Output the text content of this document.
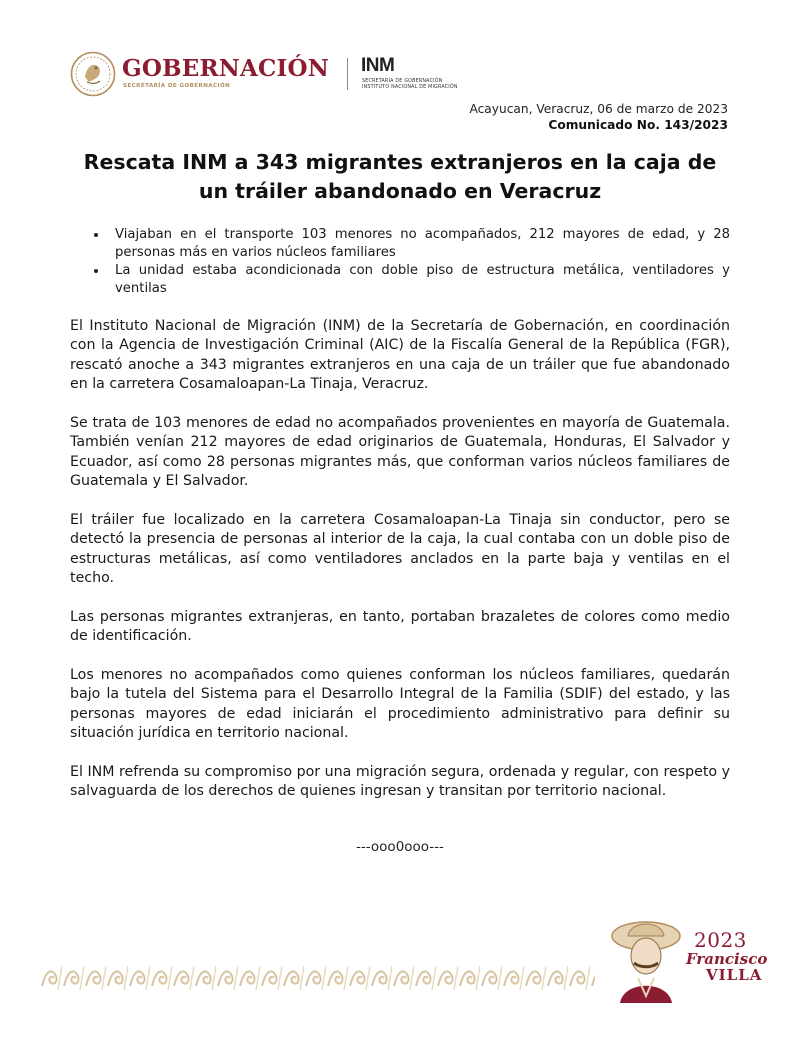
GOBERNACIÓN
SECRETARÍA DE GOBERNACIÓN
INM
SECRETARÍA DE GOBERNACIÓN
INSTITUTO NACIONAL DE MIGRACIÓN
Acayucan, Veracruz, 06 de marzo de 2023
Comunicado No. 143/2023
Rescata INM a 343 migrantes extranjeros en la caja de un tráiler abandonado en Veracruz
Viajaban en el transporte 103 menores no acompañados, 212 mayores de edad, y 28 personas más en varios núcleos familiares
La unidad estaba acondicionada con doble piso de estructura metálica, ventiladores y ventilas

El Instituto Nacional de Migración (INM) de la Secretaría de Gobernación, en coordinación con la Agencia de Investigación Criminal (AIC) de la Fiscalía General de la República (FGR), rescató anoche a 343 migrantes extranjeros en una caja de un tráiler que fue abandonado en la carretera Cosamaloapan-La Tinaja, Veracruz.

Se trata de 103 menores de edad no acompañados provenientes en mayoría de Guatemala. También venían 212 mayores de edad originarios de Guatemala, Honduras, El Salvador y Ecuador, así como 28 personas migrantes más, que conforman varios núcleos familiares de Guatemala y El Salvador.

El tráiler fue localizado en la carretera Cosamaloapan-La Tinaja sin conductor, pero se detectó la presencia de personas al interior de la caja, la cual contaba con un doble piso de estructuras metálicas, así como ventiladores anclados en la parte baja y ventilas en el techo.

Las personas migrantes extranjeras, en tanto, portaban brazaletes de colores como medio de identificación.

Los menores no acompañados como quienes conforman los núcleos familiares, quedarán bajo la tutela del Sistema para el Desarrollo Integral de la Familia (SDIF) del estado, y las personas mayores de edad iniciarán el procedimiento administrativo para definir su situación jurídica en territorio nacional.

El INM refrenda su compromiso por una migración segura, ordenada y regular, con respeto y salvaguarda de los derechos de quienes ingresan y transitan por territorio nacional.

---ooo0ooo---
2023
Francisco
VILLA
